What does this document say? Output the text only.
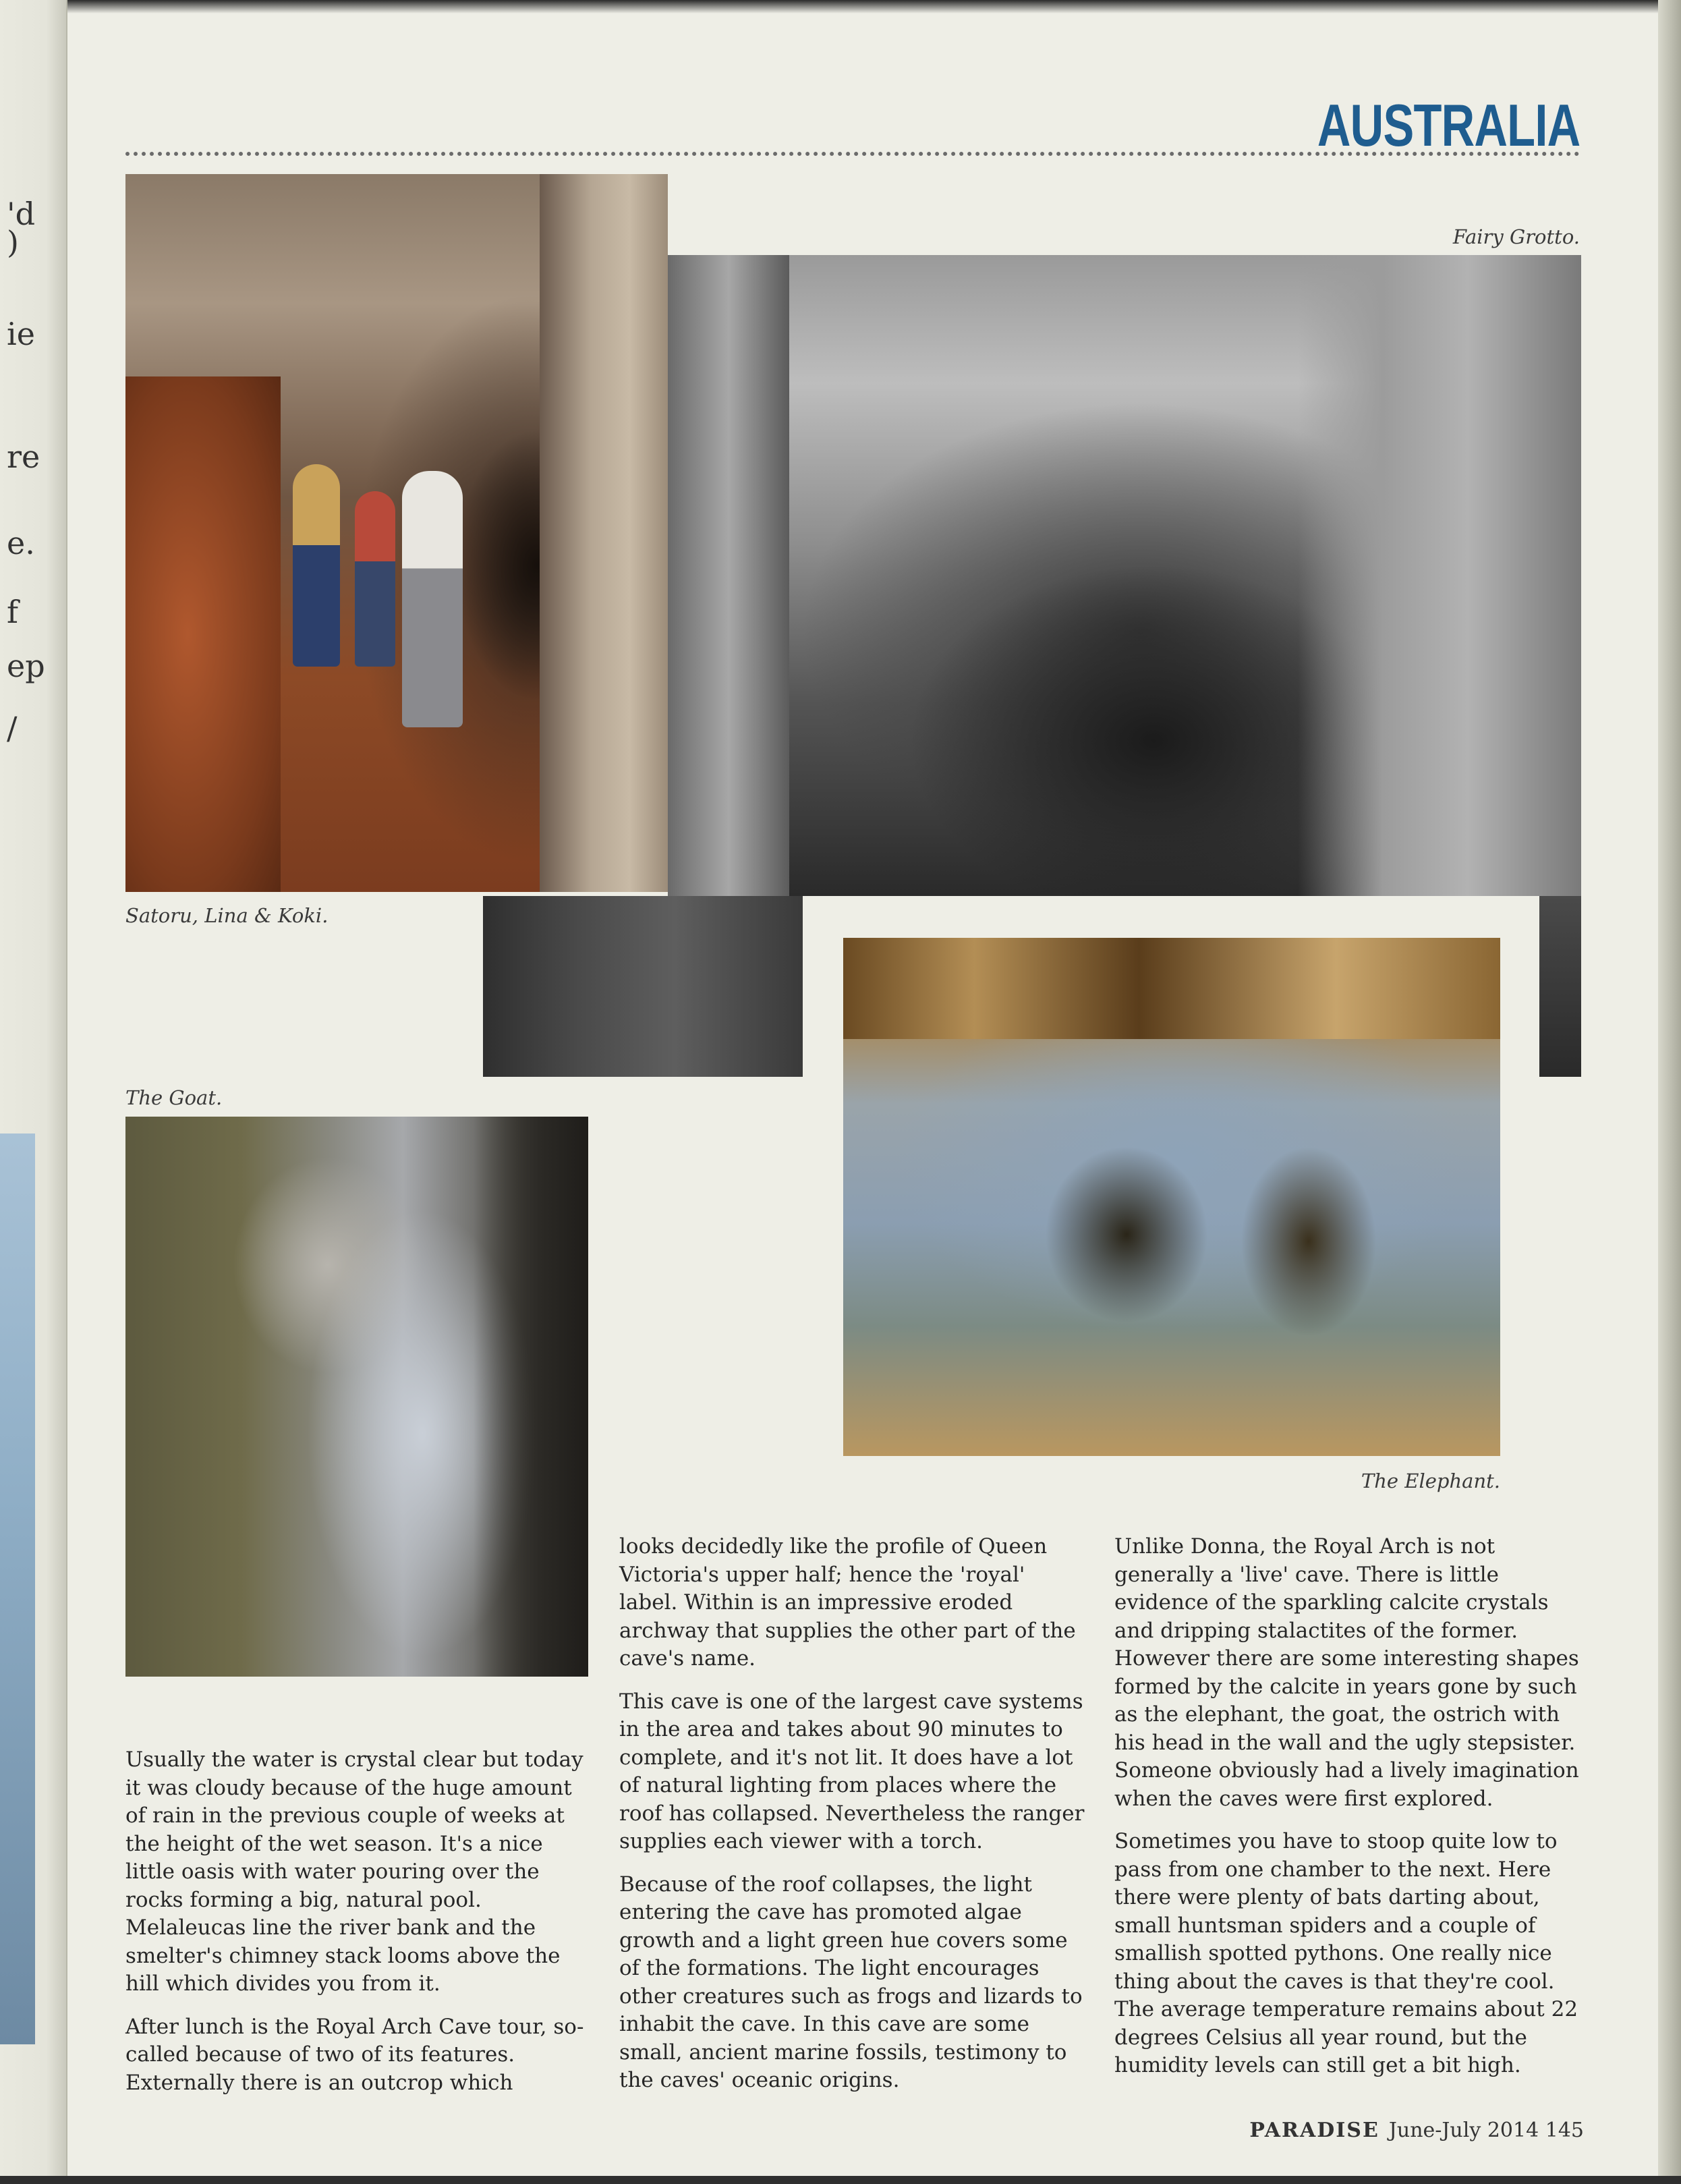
'd
)
ie
re
e.
f
ep
/
AUSTRALIA
Fairy Grotto.
Satoru, Lina & Koki.
The Goat.
The Elephant.

Usually the water is crystal clear but today it was cloudy because of the huge amount of rain in the previous couple of weeks at the height of the wet season. It's a nice little oasis with water pouring over the rocks forming a big, natural pool. Melaleucas line the river bank and the smelter's chimney stack looms above the hill which divides you from it.

After lunch is the Royal Arch Cave tour, so-called because of two of its features. Externally there is an outcrop which

looks decidedly like the profile of Queen Victoria's upper half; hence the 'royal' label. Within is an impressive eroded archway that supplies the other part of the cave's name.

This cave is one of the largest cave systems in the area and takes about 90 minutes to complete, and it's not lit. It does have a lot of natural lighting from places where the roof has collapsed. Nevertheless the ranger supplies each viewer with a torch.

Because of the roof collapses, the light entering the cave has promoted algae growth and a light green hue covers some of the formations. The light encourages other creatures such as frogs and lizards to inhabit the cave. In this cave are some small, ancient marine fossils, testimony to the caves' oceanic origins.

Unlike Donna, the Royal Arch is not generally a 'live' cave. There is little evidence of the sparkling calcite crystals and dripping stalactites of the former. However there are some interesting shapes formed by the calcite in years gone by such as the elephant, the goat, the ostrich with his head in the wall and the ugly stepsister. Someone obviously had a lively imagination when the caves were first explored.

Sometimes you have to stoop quite low to pass from one chamber to the next. Here there were plenty of bats darting about, small huntsman spiders and a couple of smallish spotted pythons. One really nice thing about the caves is that they're cool. The average temperature remains about 22 degrees Celsius all year round, but the humidity levels can still get a bit high.

PARADISE June-July 2014 145
